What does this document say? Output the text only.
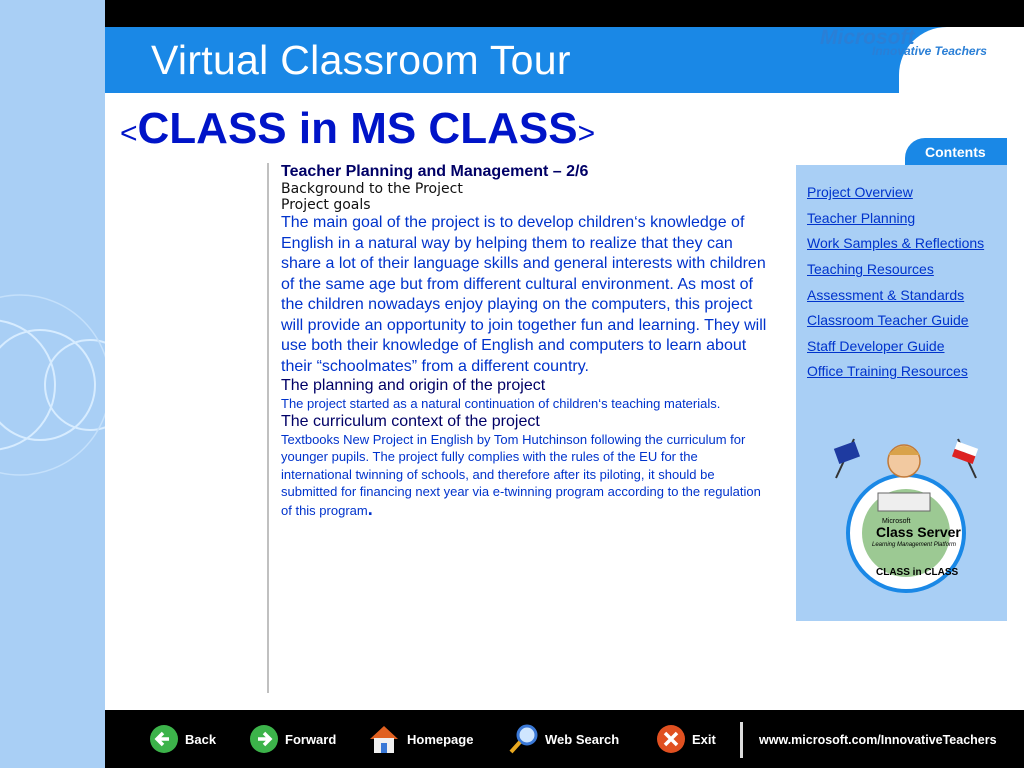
Virtual Classroom Tour	Microsoft
Innovative Teachers
<CLASS in MS CLASS>

Teacher Planning and Management – 2/6

Background to the Project

Project goals

The main goal of the project is to develop children‘s knowledge of English in a natural way by helping them to realize that they can share a lot of their language skills and general interests with children of the same age but from different cultural environment. As most of the children nowadays enjoy playing on the computers, this project will provide an opportunity to join together fun and learning. They will use both their knowledge of English and computers to learn about their “schoolmates” from a different country.

The planning and origin of the project

The project started as a natural continuation of children‘s teaching materials.

The curriculum context of the project

Textbooks New Project in English by Tom Hutchinson following the curriculum for younger pupils. The project fully complies with the rules of the EU for the international twinning of schools, and therefore after its piloting, it should be submitted for financing next year via e-twinning program according to the regulation of this program.

Contents
Project Overview
Teacher Planning
Work Samples & Reflections
Teaching Resources
Assessment & Standards
Classroom Teacher Guide
Staff Developer Guide
Office Training Resources
Microsoft
Class Server
Learning Management Platform
CLASS in CLASS
Back	Forward	Homepage	Web Search	Exit	www.microsoft.com/InnovativeTeachers
